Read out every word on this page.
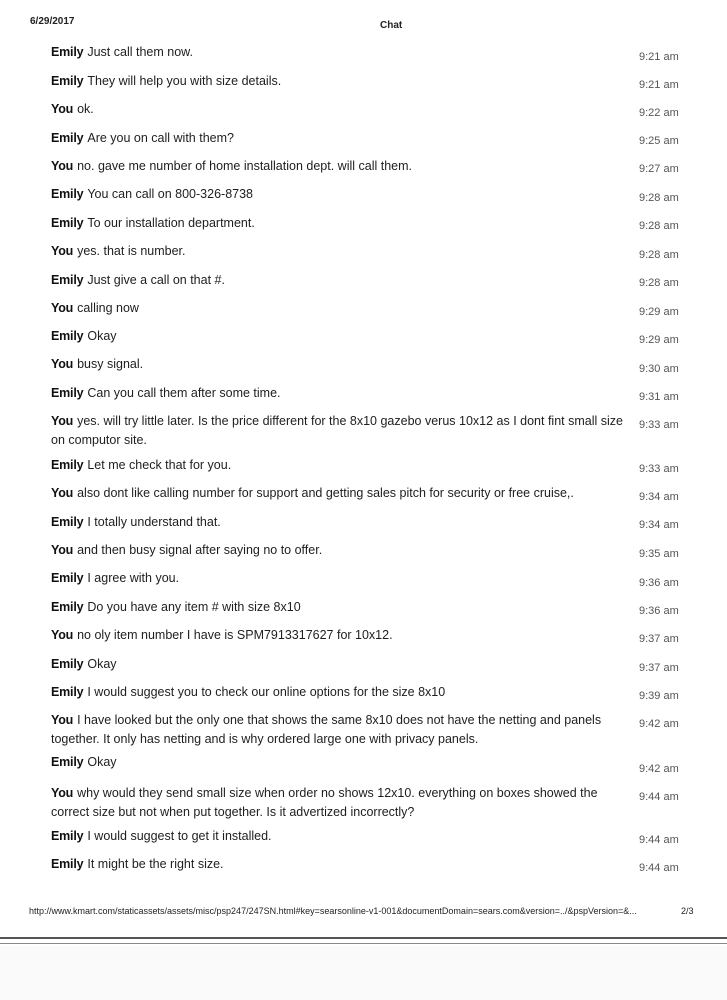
6/29/2017	Chat

Emily Just call them now.	9:21 am

Emily They will help you with size details.	9:21 am

You ok.	9:22 am

Emily Are you on call with them?	9:25 am

You no. gave me number of home installation dept. will call them.	9:27 am

Emily You can call on 800-326-8738	9:28 am

Emily To our installation department.	9:28 am

You yes. that is number.	9:28 am

Emily Just give a call on that #.	9:28 am

You calling now	9:29 am

Emily Okay	9:29 am

You busy signal.	9:30 am

Emily Can you call them after some time.	9:31 am

You yes. will try little later. Is the price different for the 8x10 gazebo verus 10x12 as I dont fint small size on computor site.

9:33 am

Emily Let me check that for you.	9:33 am

You also dont like calling number for support and getting sales pitch for security or free cruise,.	9:34 am

Emily I totally understand that.	9:34 am

You and then busy signal after saying no to offer.	9:35 am

Emily I agree with you.	9:36 am

Emily Do you have any item # with size 8x10	9:36 am

You no oly item number I have is SPM7913317627 for 10x12.	9:37 am

Emily Okay	9:37 am

Emily I would suggest you to check our online options for the size 8x10	9:39 am

You I have looked but the only one that shows the same 8x10 does not have the netting and panels together. It only has netting and is why ordered large one with privacy panels.

9:42 am

Emily Okay	9:42 am

You why would they send small size when order no shows 12x10. everything on boxes showed the correct size but not when put together. Is it advertized incorrectly?

9:44 am

Emily I would suggest to get it installed.	9:44 am

Emily It might be the right size.	9:44 am
http://www.kmart.com/staticassets/assets/misc/psp247/247SN.html#key=searsonline-v1-001&documentDomain=sears.com&version=../&pspVersion=&...	2/3
